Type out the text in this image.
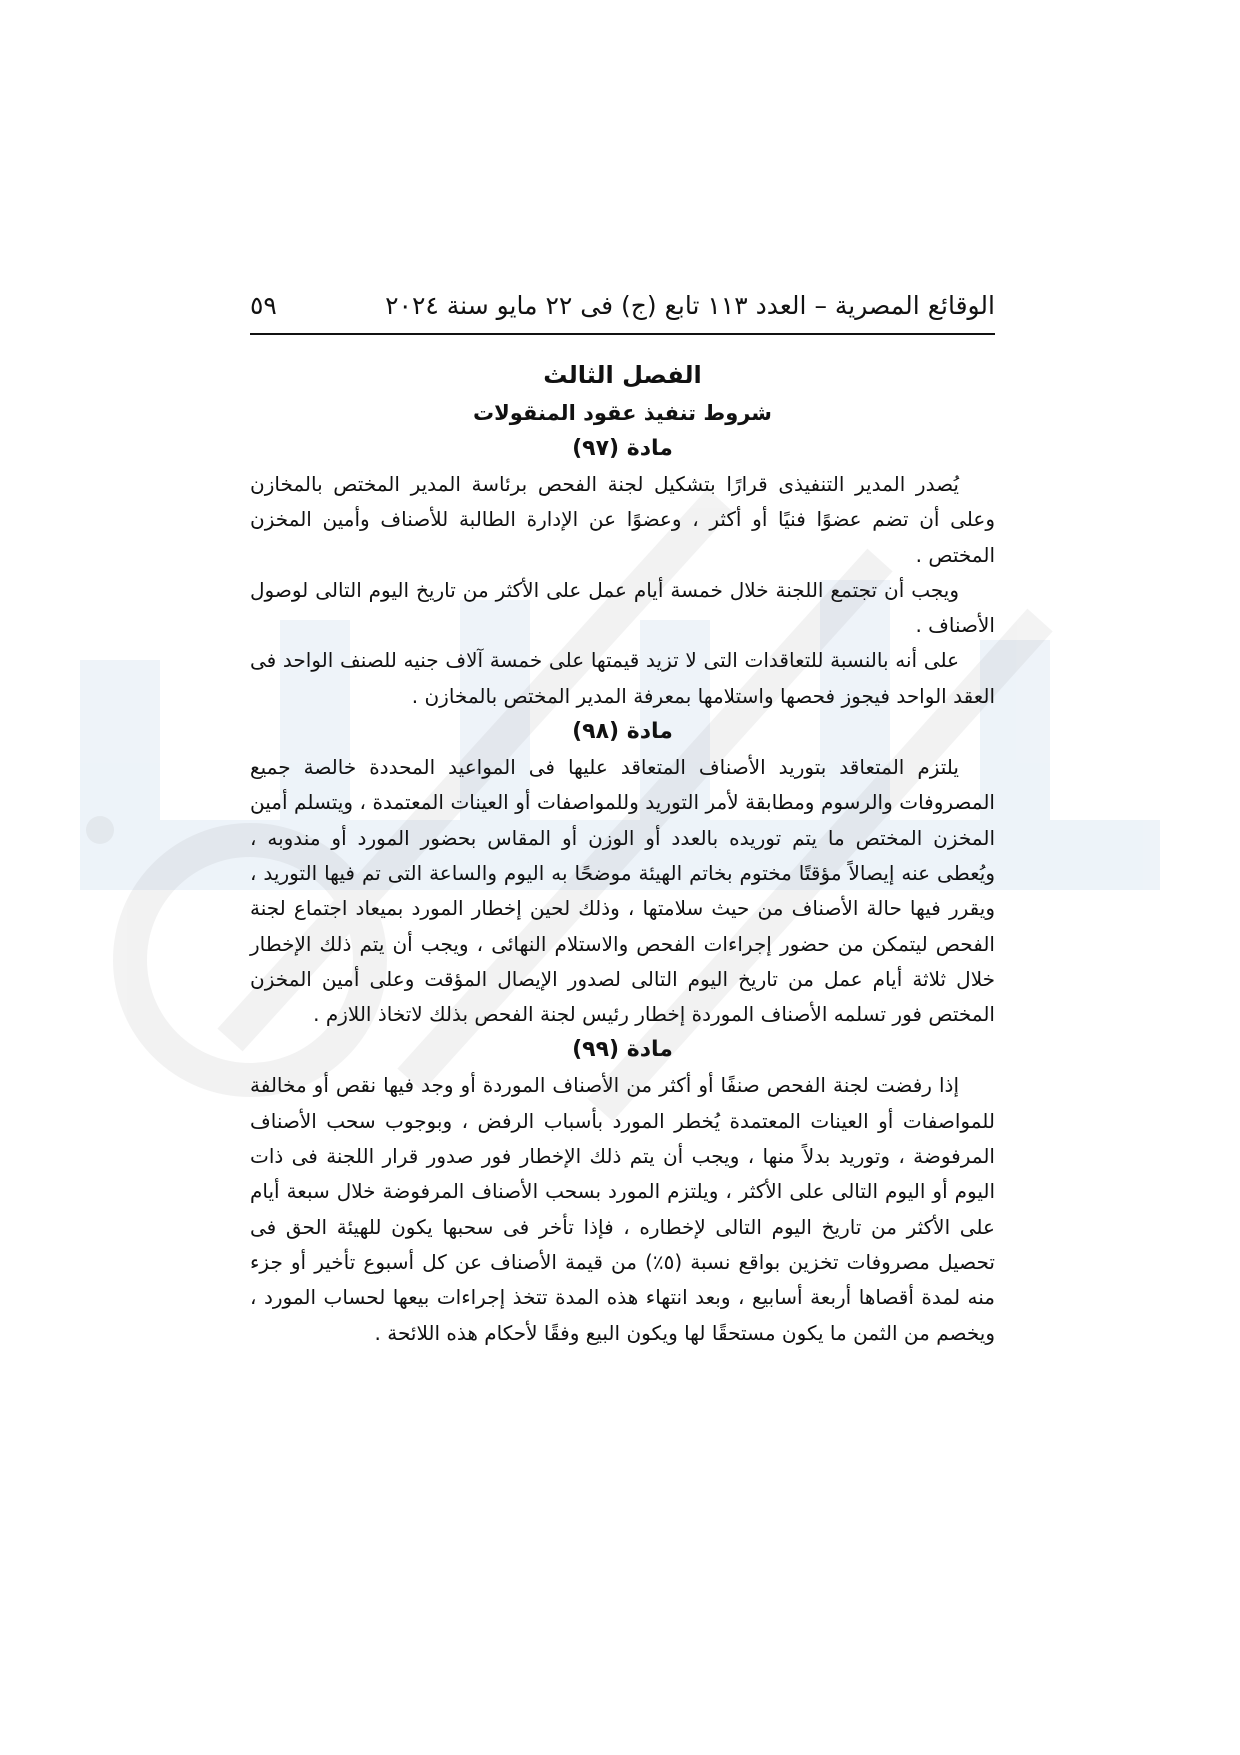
الوقائع المصرية – العدد ١١٣ تابع (ج) فى ٢٢ مايو سنة ٢٠٢٤
٥٩

الفصل الثالث

شروط تنفيذ عقود المنقولات

مادة (٩٧)

يُصدر المدير التنفيذى قرارًا بتشكيل لجنة الفحص برئاسة المدير المختص بالمخازن وعلى أن تضم عضوًا فنيًا أو أكثر ، وعضوًا عن الإدارة الطالبة للأصناف وأمين المخزن المختص .

ويجب أن تجتمع اللجنة خلال خمسة أيام عمل على الأكثر من تاريخ اليوم التالى لوصول الأصناف .

على أنه بالنسبة للتعاقدات التى لا تزيد قيمتها على خمسة آلاف جنيه للصنف الواحد فى العقد الواحد فيجوز فحصها واستلامها بمعرفة المدير المختص بالمخازن .

مادة (٩٨)

يلتزم المتعاقد بتوريد الأصناف المتعاقد عليها فى المواعيد المحددة خالصة جميع المصروفات والرسوم ومطابقة لأمر التوريد وللمواصفات أو العينات المعتمدة ، ويتسلم أمين المخزن المختص ما يتم توريده بالعدد أو الوزن أو المقاس بحضور المورد أو مندوبه ، ويُعطى عنه إيصالاً مؤقتًا مختوم بخاتم الهيئة موضحًا به اليوم والساعة التى تم فيها التوريد ، ويقرر فيها حالة الأصناف من حيث سلامتها ، وذلك لحين إخطار المورد بميعاد اجتماع لجنة الفحص ليتمكن من حضور إجراءات الفحص والاستلام النهائى ، ويجب أن يتم ذلك الإخطار خلال ثلاثة أيام عمل من تاريخ اليوم التالى لصدور الإيصال المؤقت وعلى أمين المخزن المختص فور تسلمه الأصناف الموردة إخطار رئيس لجنة الفحص بذلك لاتخاذ اللازم .

مادة (٩٩)

إذا رفضت لجنة الفحص صنفًا أو أكثر من الأصناف الموردة أو وجد فيها نقص أو مخالفة للمواصفات أو العينات المعتمدة يُخطر المورد بأسباب الرفض ، وبوجوب سحب الأصناف المرفوضة ، وتوريد بدلاً منها ، ويجب أن يتم ذلك الإخطار فور صدور قرار اللجنة فى ذات اليوم أو اليوم التالى على الأكثر ، ويلتزم المورد بسحب الأصناف المرفوضة خلال سبعة أيام على الأكثر من تاريخ اليوم التالى لإخطاره ، فإذا تأخر فى سحبها يكون للهيئة الحق فى تحصيل مصروفات تخزين بواقع نسبة (٥٪) من قيمة الأصناف عن كل أسبوع تأخير أو جزء منه لمدة أقصاها أربعة أسابيع ، وبعد انتهاء هذه المدة تتخذ إجراءات بيعها لحساب المورد ، ويخصم من الثمن ما يكون مستحقًا لها ويكون البيع وفقًا لأحكام هذه اللائحة .
